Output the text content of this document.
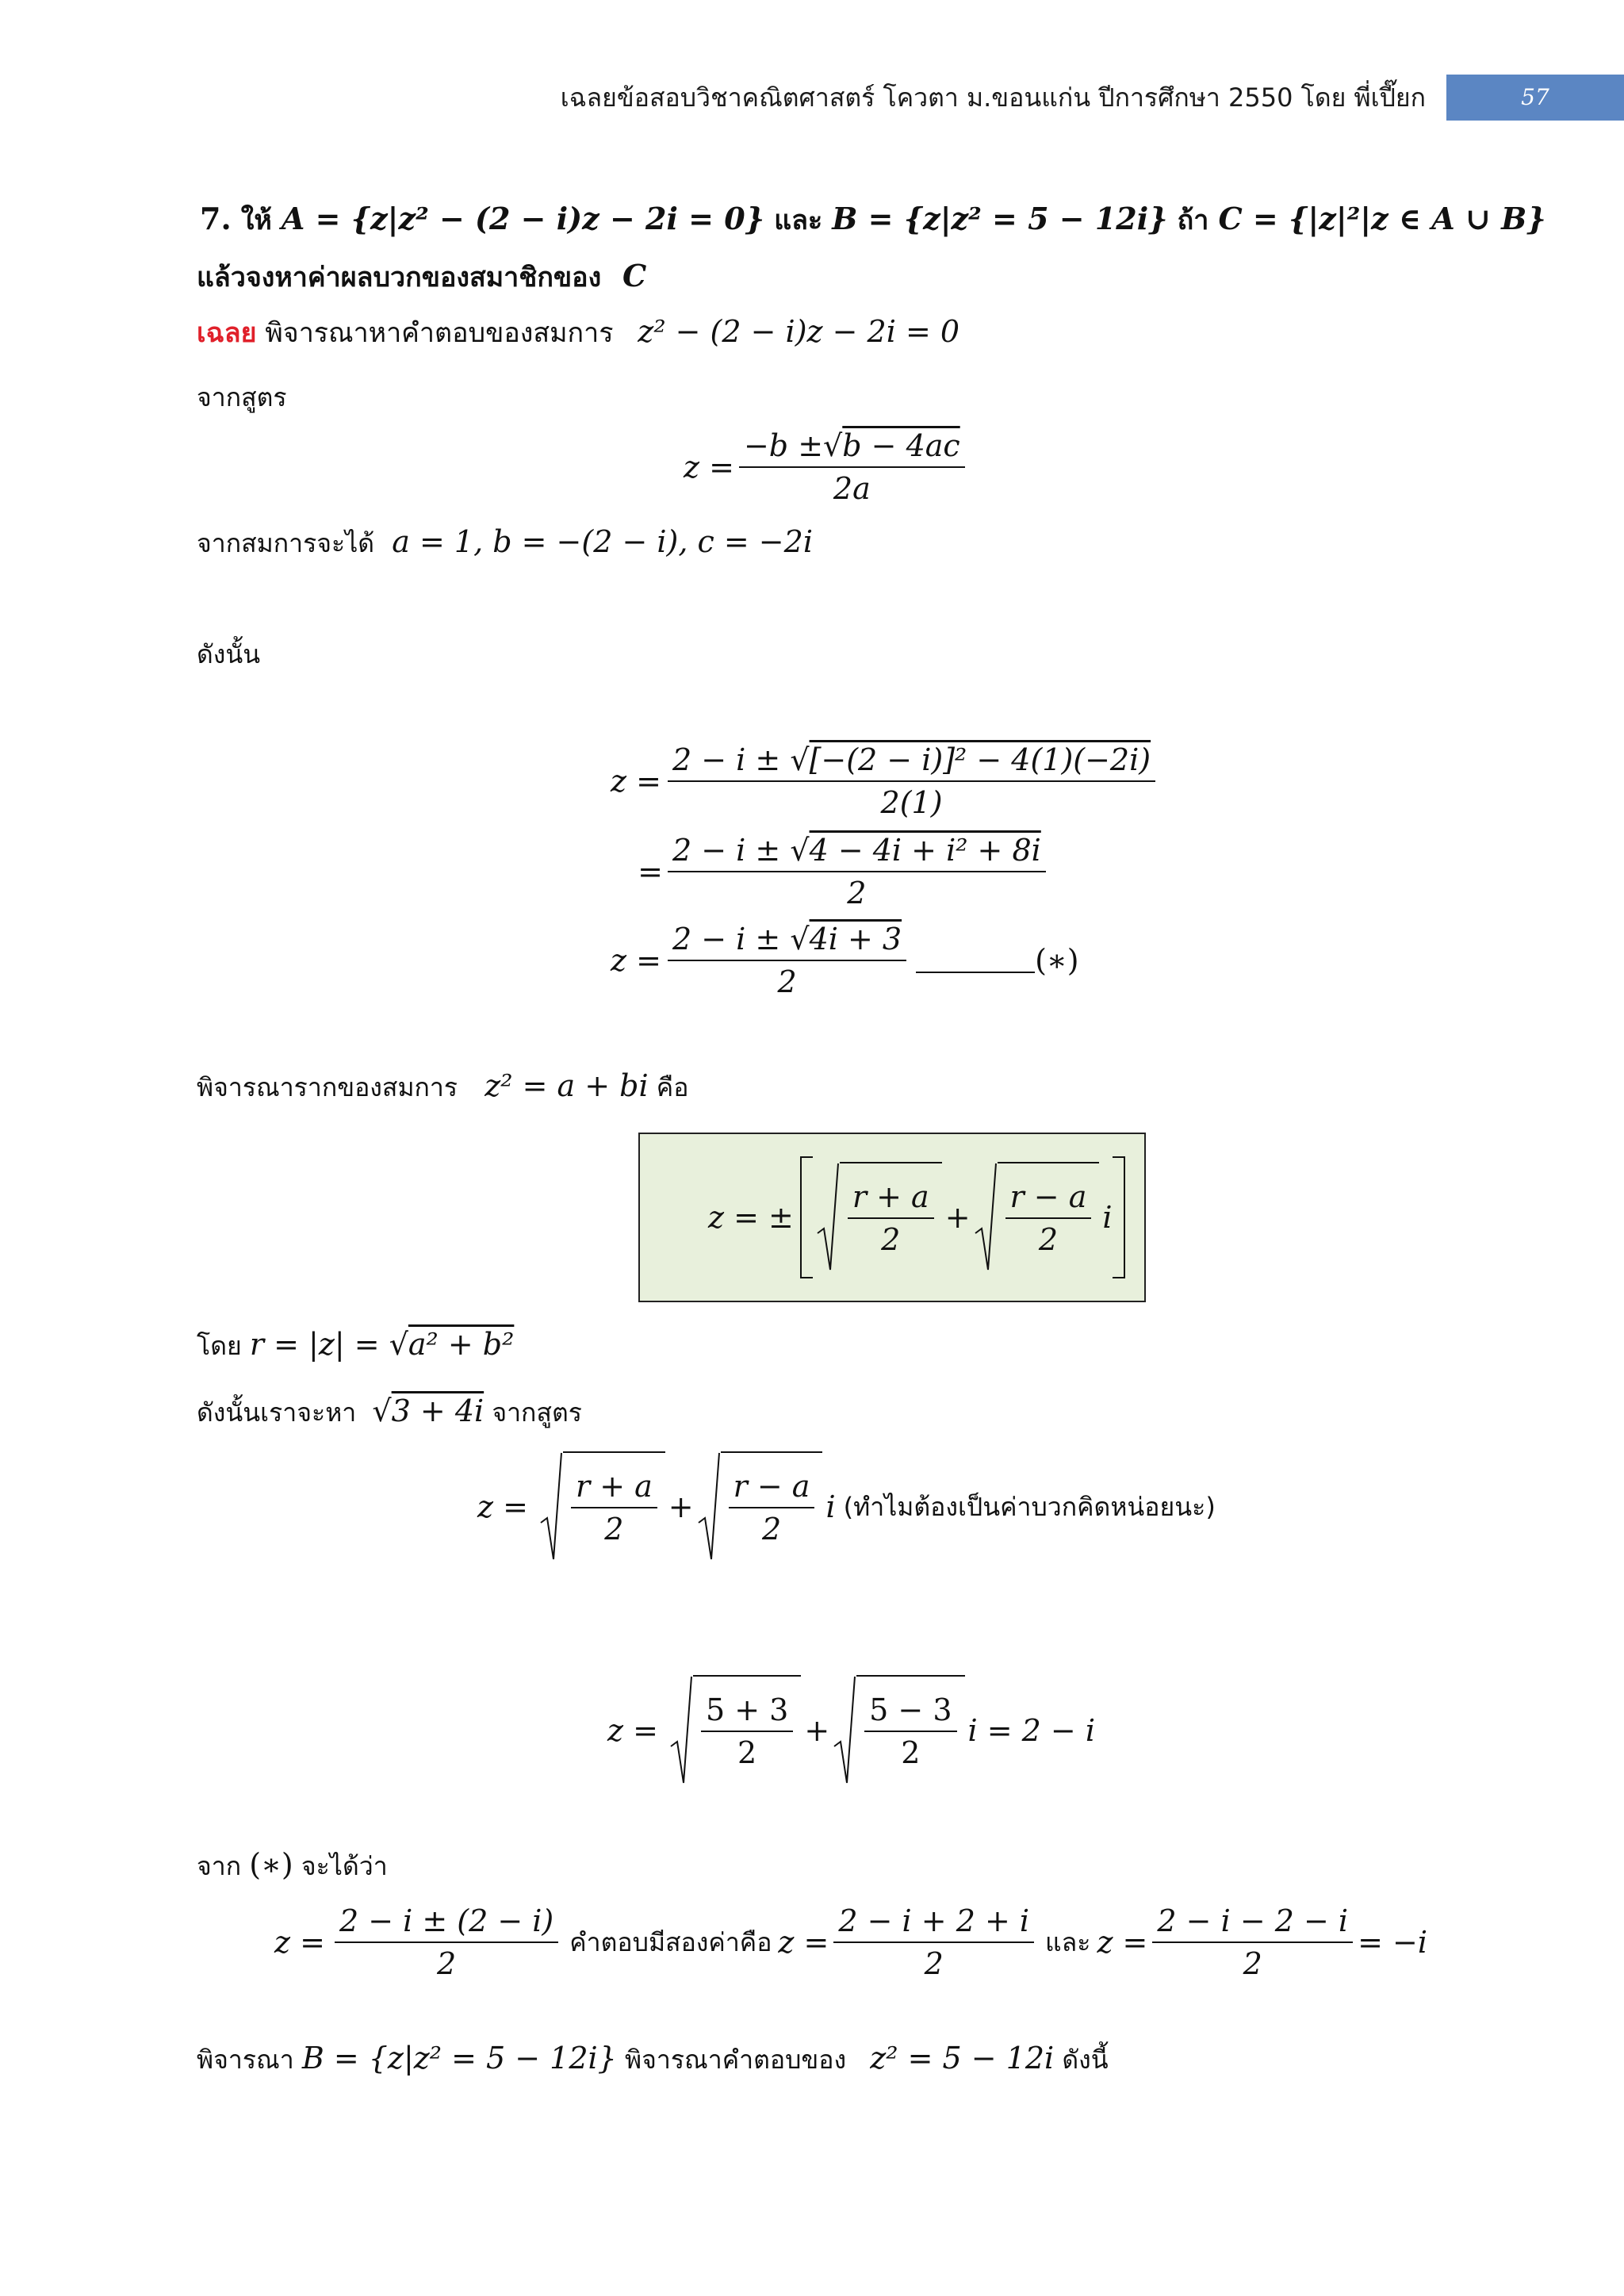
เฉลยข้อสอบวิชาคณิตศาสตร์ โควตา ม.ขอนแก่น ปีการศึกษา 2550 โดย พี่เปี๊ยก	57
7. ให้ A = {z|z² − (2 − i)z − 2i = 0} และ B = {z|z² = 5 − 12i} ถ้า C = {|z|²|z ∈ A ∪ B}
แล้วจงหาค่าผลบวกของสมาชิกของ C
เฉลย พิจารณาหาคำตอบของสมการ z² − (2 − i)z − 2i = 0
จากสูตร
$z = \frac{-b \pm√b - 4ac}{2a}$
จากสมการจะได้ a = 1, b = −(2 − i), c = −2i
ดังนั้น
$z = \frac{\text{2 − i ± √[−(2 − i)]² − 4(1)(−2i)}}{2(1)}$
= $\frac{\text{2 − i ± √4 − 4i + i² + 8i}}{2}$
$z = \frac{2 - i \pm √4i + 3}{2}$	(∗)
พิจารณารากของสมการ z² = a + bi คือ
z = ± $\frac{r + a}{2} + \frac{r - a}{2}$ i
โดย r = |z| = √a² + b²
ดังนั้นเราจะหา √3 + 4i จากสูตร
$z = \frac{r + a}{2} + \frac{r - a}{2}$ i (ทำไมต้องเป็นค่าบวกคิดหน่อยนะ)
$z = \frac{5 + 3}{2} + \frac{5 - 3}{2}$ i = 2 − i
จาก (∗) จะได้ว่า
$z = \frac{2 - i \pm (2 - i)}{2}$ คำตอบมีสองค่าคือ $z = \frac{2 - i + 2 + i}{2}$ และ $z = \frac{2 - i - 2 - i}{2} = -i$
พิจารณา B = {z|z² = 5 − 12i} พิจารณาคำตอบของ z² = 5 − 12i ดังนี้
